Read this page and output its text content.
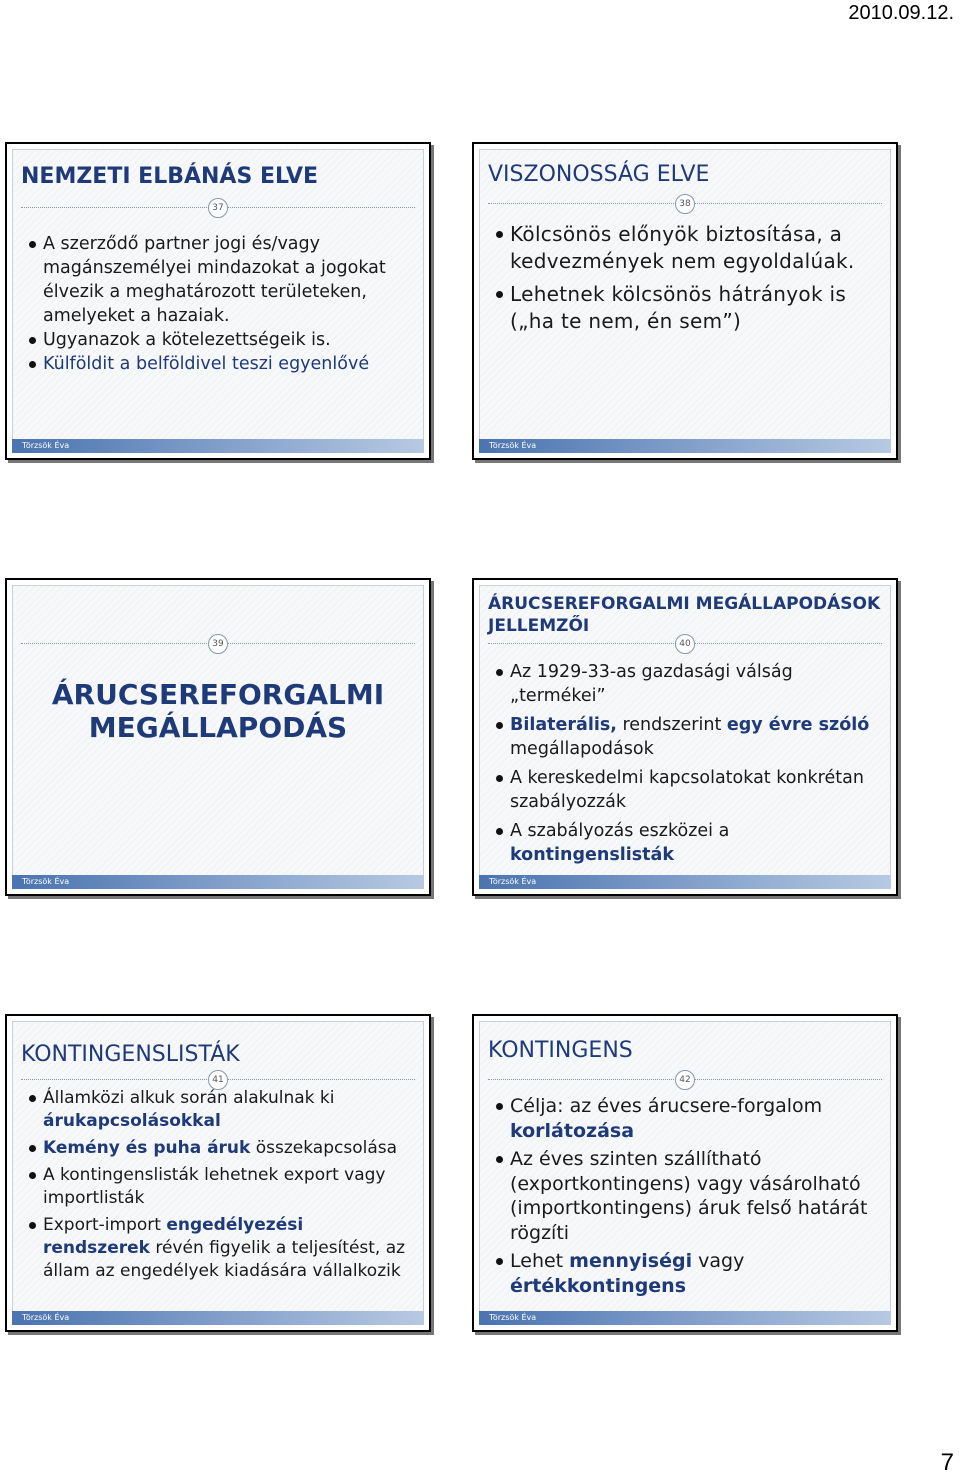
2010.09.12.
NEMZETI ELBÁNÁS ELVE
37
A szerződő partner jogi és/vagy magánszemélyei mindazokat a jogokat élvezik a meghatározott területeken, amelyeket a hazaiak.
Ugyanazok a kötelezettségeik is.
Külföldit a belföldivel teszi egyenlővé
Törzsök Éva
VISZONOSSÁG ELVE
38
Kölcsönös előnyök biztosítása, a kedvezmények nem egyoldalúak.
Lehetnek kölcsönös hátrányok is („ha te nem, én sem”)
Törzsök Éva
39
ÁRUCSEREFORGALMI
MEGÁLLAPODÁS
Törzsök Éva
ÁRUCSEREFORGALMI MEGÁLLAPODÁSOK
JELLEMZŐI
40
Az 1929-33-as gazdasági válság „termékei”
Bilaterális, rendszerint egy évre szóló megállapodások
A kereskedelmi kapcsolatokat konkrétan szabályozzák
A szabályozás eszközei a kontingenslisták
Törzsök Éva
KONTINGENSLISTÁK
41
Államközi alkuk során alakulnak ki árukapcsolásokkal
Kemény és puha áruk összekapcsolása
A kontingenslisták lehetnek export vagy importlisták
Export-import engedélyezési rendszerek révén figyelik a teljesítést, az állam az engedélyek kiadására vállalkozik
Törzsök Éva
KONTINGENS
42
Célja: az éves árucsere-forgalom korlátozása
Az éves szinten szállítható (exportkontingens) vagy vásárolható (importkontingens) áruk felső határát rögzíti
Lehet mennyiségi vagy értékkontingens
Törzsök Éva
7
